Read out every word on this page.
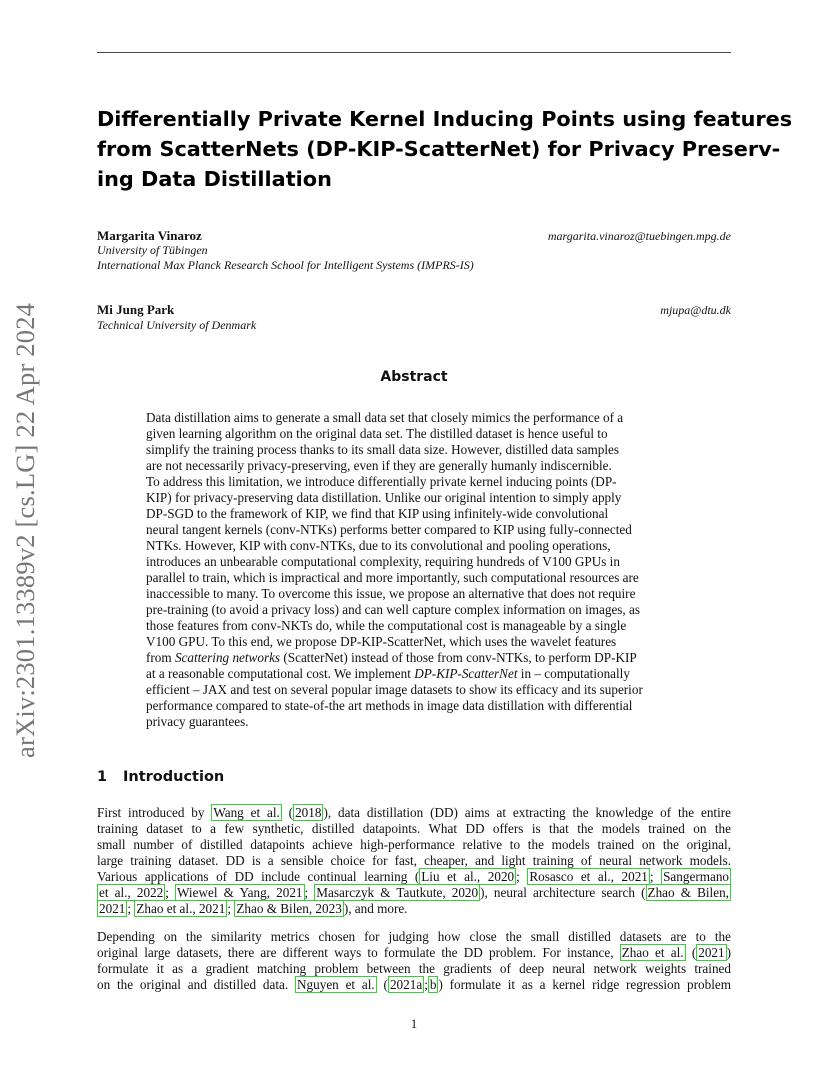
arXiv:2301.13389v2 [cs.LG] 22 Apr 2024
Differentially Private Kernel Inducing Points using features
from ScatterNets (DP-KIP-ScatterNet) for Privacy Preserv-
ing Data Distillation
Margarita Vinaroz	margarita.vinaroz@tuebingen.mpg.de
University of Tübingen
International Max Planck Research School for Intelligent Systems (IMPRS-IS)
Mi Jung Park	mjupa@dtu.dk
Technical University of Denmark
Abstract
Data distillation aims to generate a small data set that closely mimics the performance of a
given learning algorithm on the original data set. The distilled dataset is hence useful to
simplify the training process thanks to its small data size. However, distilled data samples
are not necessarily privacy-preserving, even if they are generally humanly indiscernible.
To address this limitation, we introduce differentially private kernel inducing points (DP-
KIP) for privacy-preserving data distillation. Unlike our original intention to simply apply
DP-SGD to the framework of KIP, we find that KIP using infinitely-wide convolutional
neural tangent kernels (conv-NTKs) performs better compared to KIP using fully-connected
NTKs. However, KIP with conv-NTKs, due to its convolutional and pooling operations,
introduces an unbearable computational complexity, requiring hundreds of V100 GPUs in
parallel to train, which is impractical and more importantly, such computational resources are
inaccessible to many. To overcome this issue, we propose an alternative that does not require
pre-training (to avoid a privacy loss) and can well capture complex information on images, as
those features from conv-NKTs do, while the computational cost is manageable by a single
V100 GPU. To this end, we propose DP-KIP-ScatterNet, which uses the wavelet features
from Scattering networks (ScatterNet) instead of those from conv-NTKs, to perform DP-KIP
at a reasonable computational cost. We implement DP-KIP-ScatterNet in – computationally
efficient – JAX and test on several popular image datasets to show its efficacy and its superior
performance compared to state-of-the art methods in image data distillation with differential
privacy guarantees.
1 Introduction
First introduced by Wang et al. ( 2018 ), data distillation (DD) aims at extracting the knowledge of the entire
training dataset to a few synthetic, distilled datapoints. What DD offers is that the models trained on the
small number of distilled datapoints achieve high-performance relative to the models trained on the original,
large training dataset. DD is a sensible choice for fast, cheaper, and light training of neural network models.
Various applications of DD include continual learning ( Liu et al., 2020 ; Rosasco et al., 2021 ; Sangermano
et al., 2022 ; Wiewel & Yang, 2021 ; Masarczyk & Tautkute, 2020 ), neural architecture search ( Zhao & Bilen,
2021 ; Zhao et al., 2021 ; Zhao & Bilen, 2023 ), and more.
Depending on the similarity metrics chosen for judging how close the small distilled datasets are to the
original large datasets, there are different ways to formulate the DD problem. For instance, Zhao et al. ( 2021 )
formulate it as a gradient matching problem between the gradients of deep neural network weights trained
on the original and distilled data. Nguyen et al. ( 2021a ; b ) formulate it as a kernel ridge regression problem
1
